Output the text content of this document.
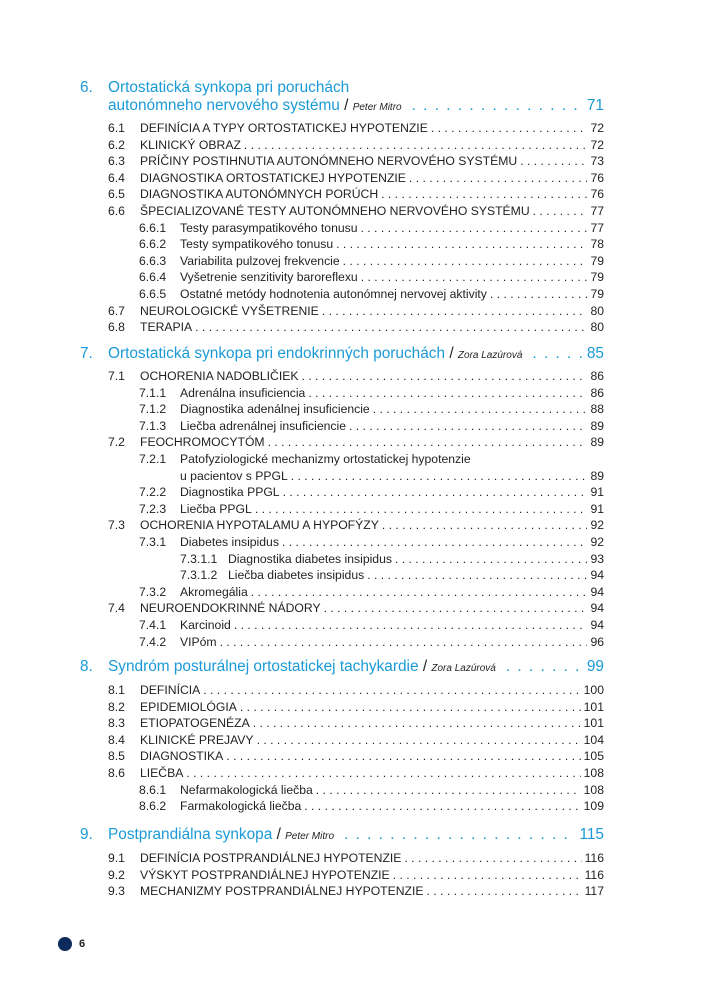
6. Ortostatická synkopa pri poruchách
autonómneho nervového systému
/
Peter Mitro . . .	71
6.1	DEFINÍCIA A TYPY ORTOSTATICKEJ HYPOTENZIE . . .	72
6.2	KLINICKÝ OBRAZ . . .	72
6.3	PRÍČINY POSTIHNUTIA AUTONÓMNEHO NERVOVÉHO SYSTÉMU . . .	73
6.4	DIAGNOSTIKA ORTOSTATICKEJ HYPOTENZIE . . .	76
6.5	DIAGNOSTIKA AUTONÓMNYCH PORÚCH . . .	76
6.6	ŠPECIALIZOVANÉ TESTY AUTONÓMNEHO NERVOVÉHO SYSTÉMU . . .	77
6.6.1	Testy parasympatikového tonusu . . .	77
6.6.2	Testy sympatikového tonusu . . .	78
6.6.3	Variabilita pulzovej frekvencie . . .	79
6.6.4	Vyšetrenie senzitivity baroreflexu . . .	79
6.6.5	Ostatné metódy hodnotenia autonómnej nervovej aktivity . . .	79
6.7	NEUROLOGICKÉ VYŠETRENIE . . .	80
6.8	TERAPIA . . .	80
7. Ortostatická synkopa pri endokrinných poruchách
/
Zora Lazúrová . . .	85
7.1	OCHORENIA NADOBLIČIEK . . .	86
7.1.1	Adrenálna insuficiencia . . .	86
7.1.2	Diagnostika adenálnej insuficiencie . . .	88
7.1.3	Liečba adrenálnej insuficiencie . . .	89
7.2	FEOCHROMOCYTÓM . . .	89
7.2.1	Patofyziologické mechanizmy ortostatickej hypotenzie
u pacientov s PPGL . . .	89
7.2.2	Diagnostika PPGL . . .	91
7.2.3	Liečba PPGL . . .	91
7.3	OCHORENIA HYPOTALAMU A HYPOFÝZY . . .	92
7.3.1	Diabetes insipidus . . .	92
7.3.1.1 Diagnostika diabetes insipidus . . .	93
7.3.1.2 Liečba diabetes insipidus . . .	94
7.3.2	Akromegália . . .	94
7.4	NEUROENDOKRINNÉ NÁDORY . . .	94
7.4.1	Karcinoid . . .	94
7.4.2	VIPóm . . .	96
8. Syndróm posturálnej ortostatickej tachykardie
/
Zora Lazúrová . . .	99
8.1	DEFINÍCIA . . .	100
8.2	EPIDEMIOLÓGIA . . .	101
8.3	ETIOPATOGENÉZA . . .	101
8.4	KLINICKÉ PREJAVY . . .	104
8.5	DIAGNOSTIKA . . .	105
8.6	LIEČBA . . .	108
8.6.1	Nefarmakologická liečba . . .	108
8.6.2	Farmakologická liečba . . .	109
9. Postprandiálna synkopa
/
Peter Mitro . . .	115
9.1	DEFINÍCIA POSTPRANDIÁLNEJ HYPOTENZIE . . .	116
9.2	VÝSKYT POSTPRANDIÁLNEJ HYPOTENZIE . . .	116
9.3	MECHANIZMY POSTPRANDIÁLNEJ HYPOTENZIE . . .	117
6
